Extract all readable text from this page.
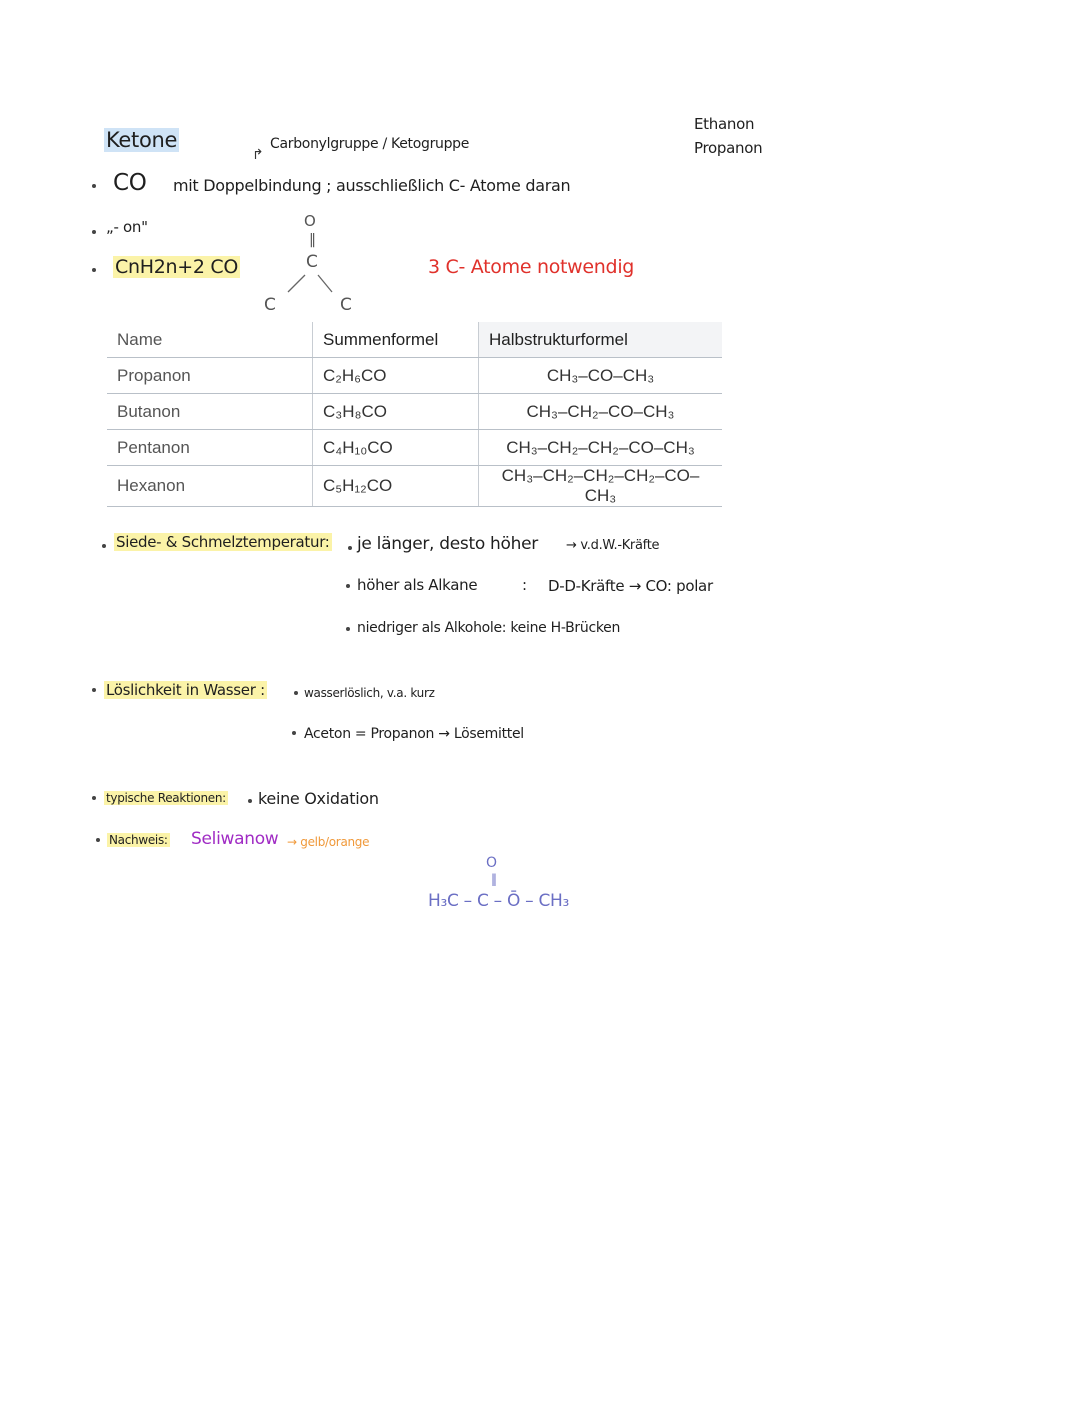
Ketone
↱
Carbonylgruppe / Ketogruppe
Ethanon
Propanon
CO mit Doppelbindung ; ausschließlich C- Atome daran
„- on"
CnH2n+2 CO
O
‖
C
C	C
3 C- Atome notwendig
Name	Summenformel	Halbstrukturformel
Propanon	C₂H₆CO	CH₃–CO–CH₃
Butanon	C₃H₈CO	CH₃–CH₂–CO–CH₃
Pentanon	C₄H₁₀CO	CH₃–CH₂–CH₂–CO–CH₃
Hexanon	C₅H₁₂CO	CH₃–CH₂–CH₂–CH₂–CO–CH₃
Siede- & Schmelztemperatur: je länger, desto höher → v.d.W.-Kräfte
höher als Alkane	: D-D-Kräfte → CO: polar
niedriger als Alkohole: keine H-Brücken
Löslichkeit in Wasser :	wasserlöslich, v.a. kurz
Aceton = Propanon → Lösemittel
typische Reaktionen: keine Oxidation
Nachweis: Seliwanow → gelb/orange
O
‖
H₃C – C – Ō – CH₃
